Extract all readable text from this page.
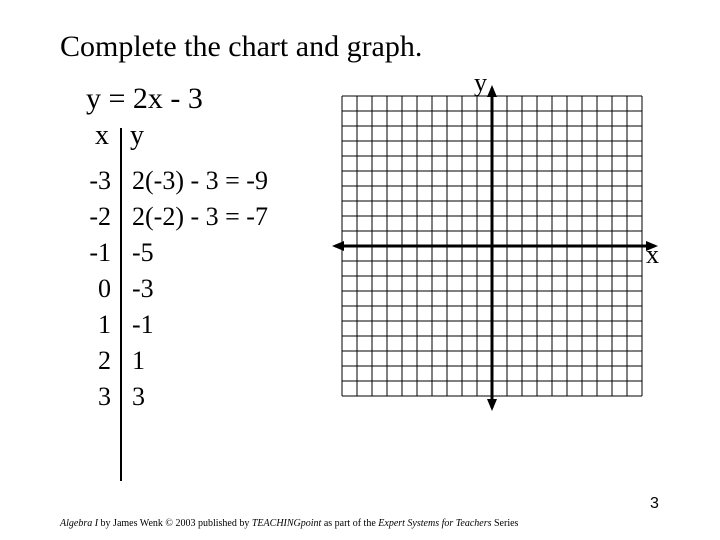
Complete the chart and graph.
y = 2x - 3
x y
-3 2(-3) - 3 = -9
-2 2(-2) - 3 = -7
-1 -5
0 -3
1 -1
2 1
3 3
y
x
3
Algebra I by James Wenk © 2003 published by TEACHINGpoint as part of the Expert Systems for Teachers Series
